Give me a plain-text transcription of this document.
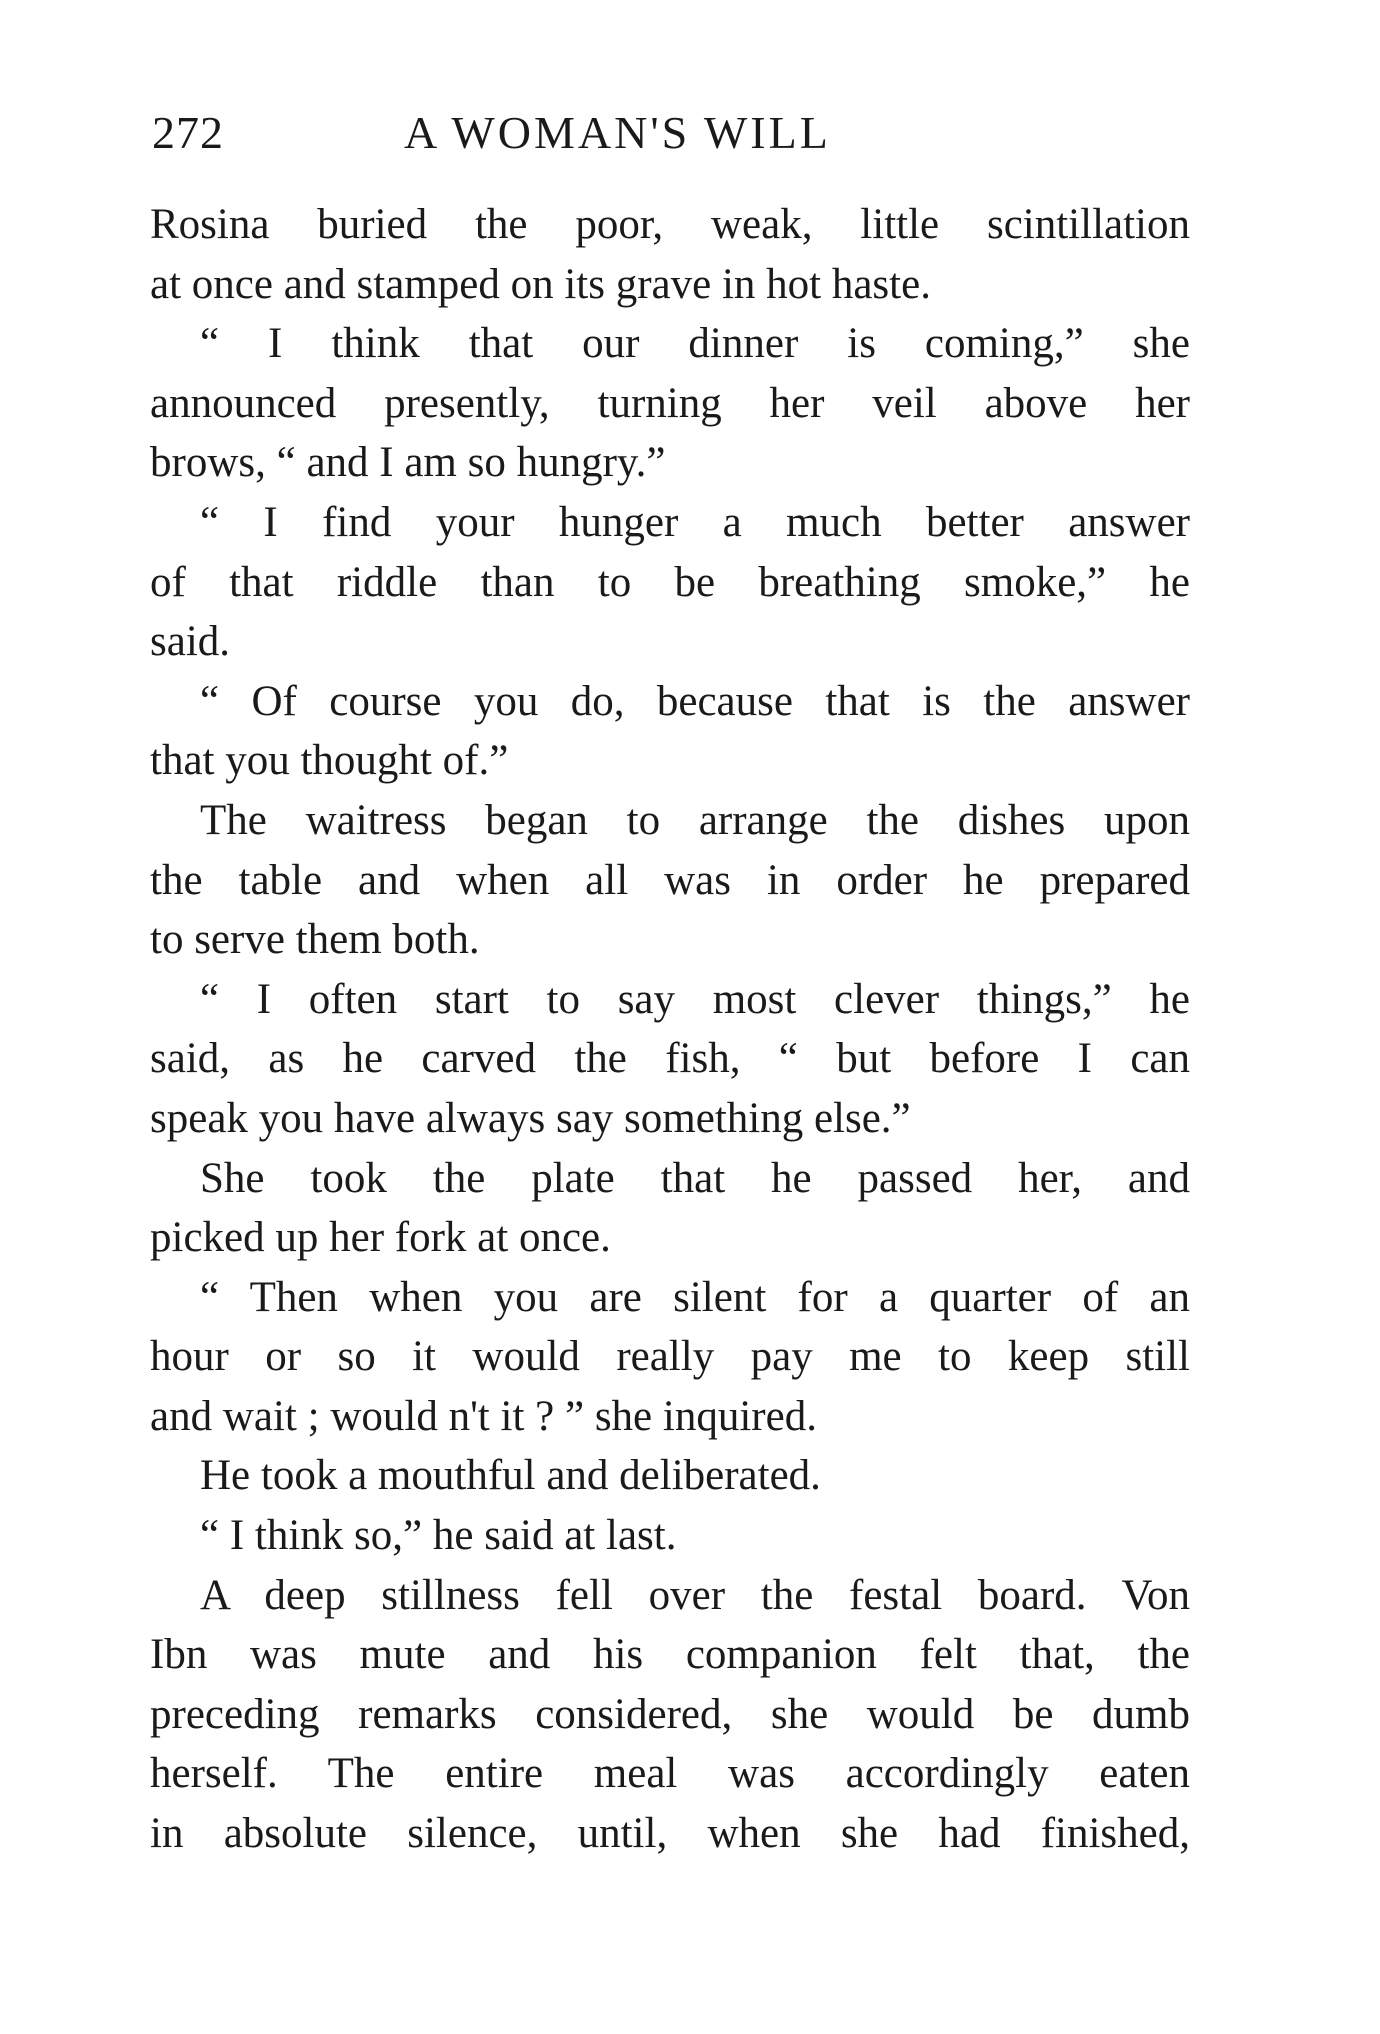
272	A WOMAN'S WILL
Rosina buried the poor, weak, little scintillation
at once and stamped on its grave in hot haste.
“ I think that our dinner is coming,” she
announced presently, turning her veil above her
brows, “ and I am so hungry.”
“ I find your hunger a much better answer
of that riddle than to be breathing smoke,” he
said.
“ Of course you do, because that is the answer
that you thought of.”
The waitress began to arrange the dishes upon
the table and when all was in order he prepared
to serve them both.
“ I often start to say most clever things,” he
said, as he carved the fish, “ but before I can
speak you have always say something else.”
She took the plate that he passed her, and
picked up her fork at once.
“ Then when you are silent for a quarter of an
hour or so it would really pay me to keep still
and wait ; would n't it ? ” she inquired.
He took a mouthful and deliberated.
“ I think so,” he said at last.
A deep stillness fell over the festal board. Von
Ibn was mute and his companion felt that, the
preceding remarks considered, she would be dumb
herself. The entire meal was accordingly eaten
in absolute silence, until, when she had finished,
